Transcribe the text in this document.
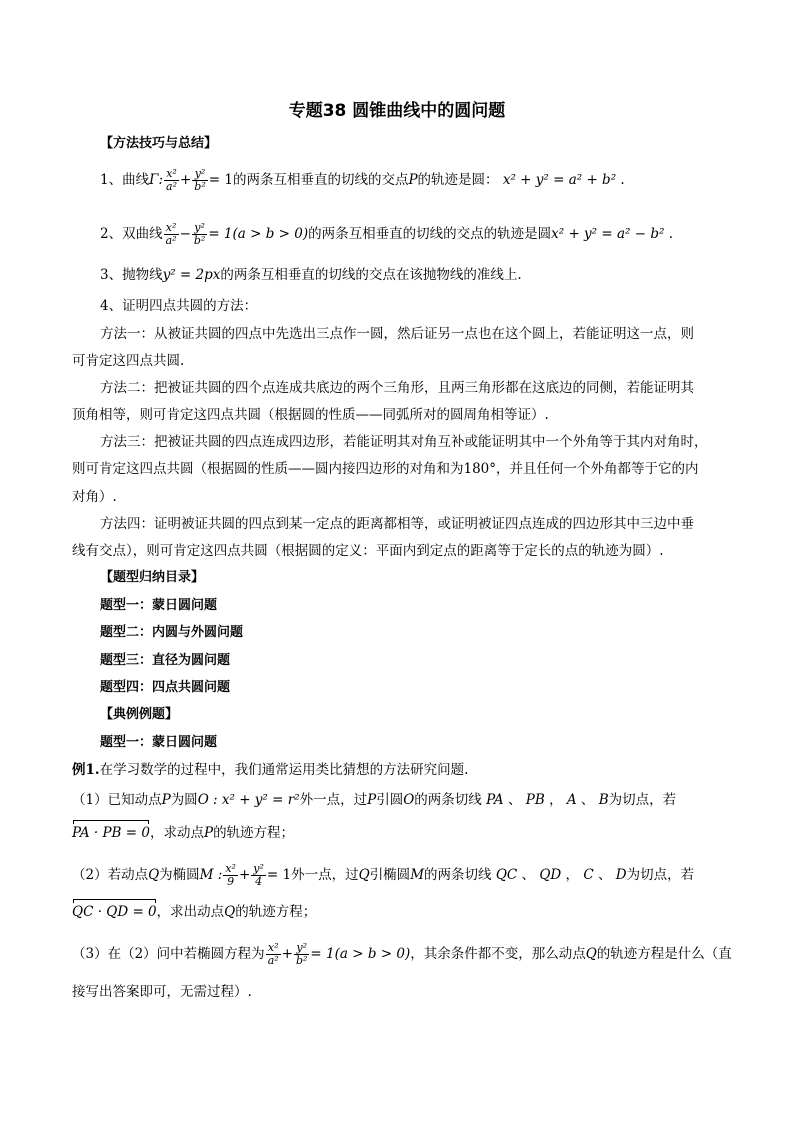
专题38 圆锥曲线中的圆问题
【方法技巧与总结】
1、曲线Γ: $\frac{\text{x²}}{\text{a²}} + \frac{\text{y²}}{\text{b²}} = 1$的两条互相垂直的切线的交点P的轨迹是圆： x² + y² = a² + b² .
2、双曲线 $\frac{\text{x²}}{\text{a²}} - \frac{\text{y²}}{\text{b²}} = 1(a > b > 0)$的两条互相垂直的切线的交点的轨迹是圆x² + y² = a² − b² .
3、抛物线y² = 2px的两条互相垂直的切线的交点在该抛物线的准线上.
4、证明四点共圆的方法：
方法一：从被证共圆的四点中先选出三点作一圆，然后证另一点也在这个圆上，若能证明这一点，则
可肯定这四点共圆.
方法二：把被证共圆的四个点连成共底边的两个三角形，且两三角形都在这底边的同侧，若能证明其
顶角相等，则可肯定这四点共圆（根据圆的性质——同弧所对的圆周角相等证）.
方法三：把被证共圆的四点连成四边形，若能证明其对角互补或能证明其中一个外角等于其内对角时，
则可肯定这四点共圆（根据圆的性质——圆内接四边形的对角和为180°，并且任何一个外角都等于它的内
对角）.
方法四：证明被证共圆的四点到某一定点的距离都相等，或证明被证四点连成的四边形其中三边中垂
线有交点），则可肯定这四点共圆（根据圆的定义：平面内到定点的距离等于定长的点的轨迹为圆）.
【题型归纳目录】
题型一：蒙日圆问题
题型二：内圆与外圆问题
题型三：直径为圆问题
题型四：四点共圆问题
【典例例题】
题型一：蒙日圆问题
例1.在学习数学的过程中，我们通常运用类比猜想的方法研究问题.
（1）已知动点P为圆O : x² + y² = r²外一点，过P引圆O的两条切线 PA 、 PB ， A 、 B为切点，若
PA · PB = 0，求动点P的轨迹方程；
（2）若动点Q为椭圆M : $\frac{\text{x²}}{9} + \frac{\text{y²}}{4} = 1$外一点，过Q引椭圆M的两条切线 QC 、 QD ， C 、 D为切点，若
QC · QD = 0，求出动点Q的轨迹方程；
（3）在（2）问中若椭圆方程为 $\frac{\text{x²}}{\text{a²}} + \frac{\text{y²}}{\text{b²}} = 1(a > b > 0)$，其余条件都不变，那么动点Q的轨迹方程是什么（直
接写出答案即可，无需过程）.
